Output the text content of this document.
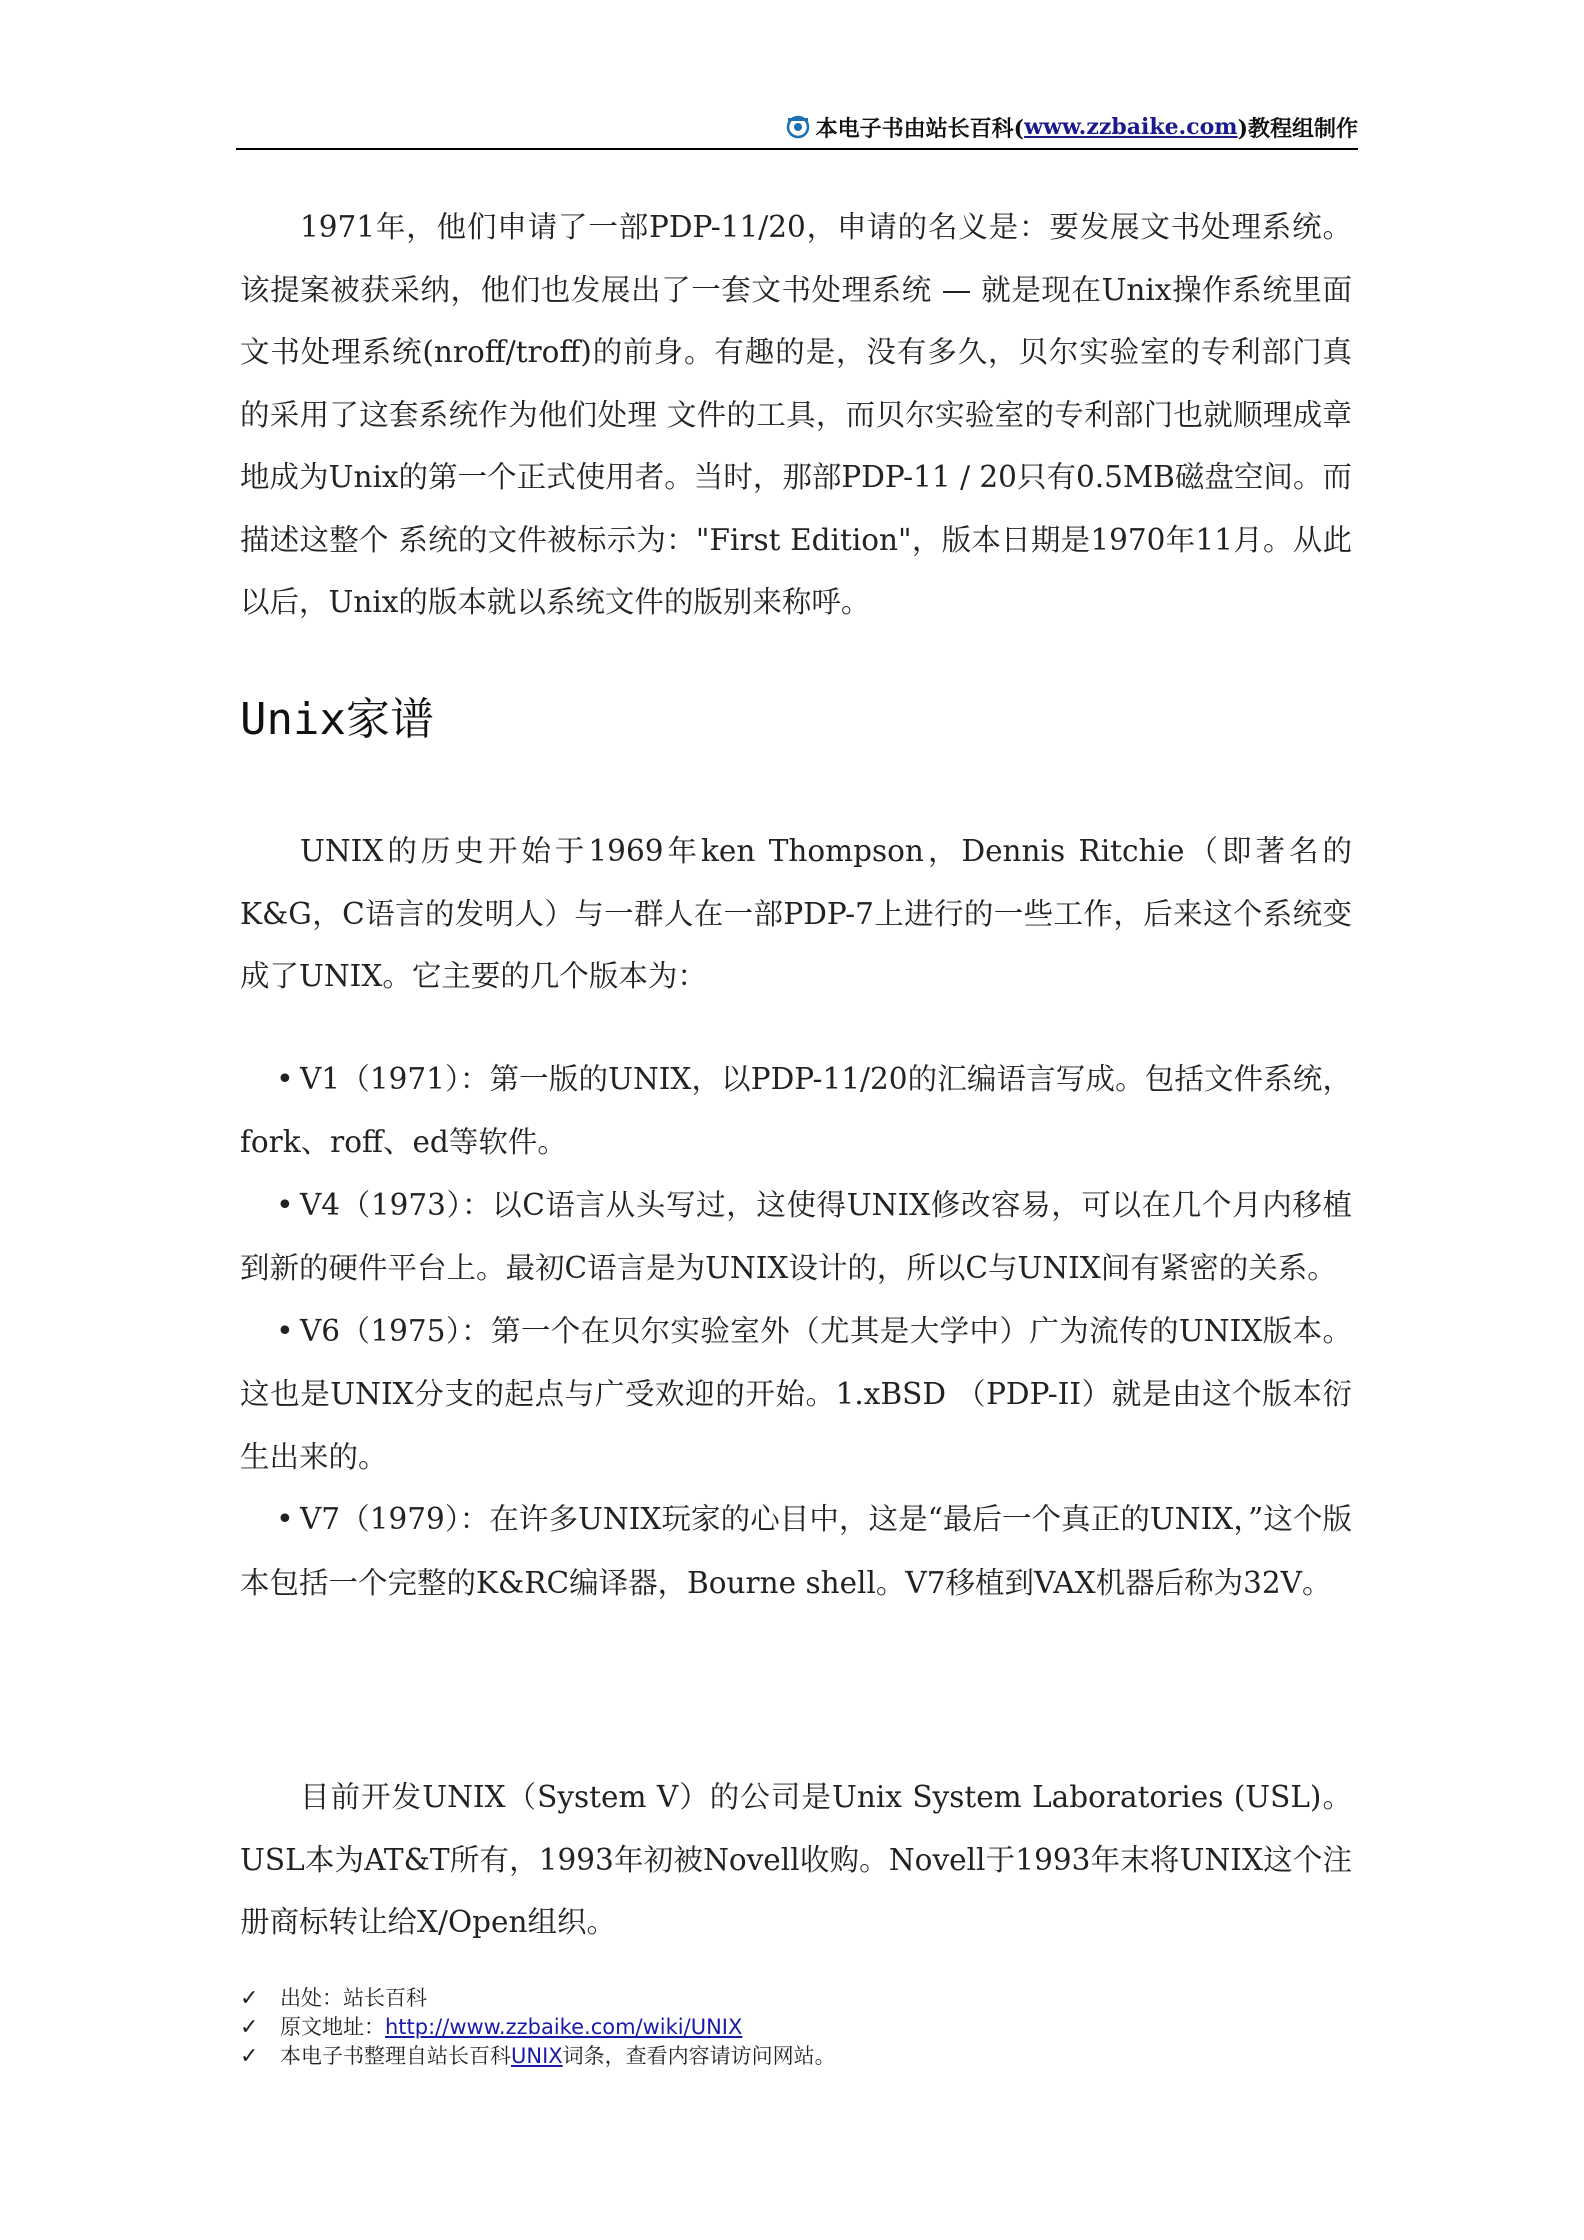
本电子书由站长百科( www.zzbaike.com )教程组制作

1971年，他们申请了一部PDP-11/20，申请的名义是：要发展文书处理系统。该提案被获采纳，他们也发展出了一套文书处理系统 — 就是现在Unix操作系统里面文书处理系统(nroff/troff)的前身。有趣的是，没有多久，贝尔实验室的专利部门真的采用了这套系统作为他们处理 文件的工具，而贝尔实验室的专利部门也就顺理成章地成为Unix的第一个正式使用者。当时，那部PDP-11 / 20只有0.5MB磁盘空间。而描述这整个 系统的文件被标示为："First Edition"，版本日期是1970年11月。从此以后，Unix的版本就以系统文件的版别来称呼。

Unix家谱

UNIX的历史开始于1969年ken Thompson，Dennis Ritchie（即著名的K&G，C语言的发明人）与一群人在一部PDP-7上进行的一些工作，后来这个系统变成了UNIX。它主要的几个版本为：

• V1（1971）：第一版的UNIX，以PDP-11/20的汇编语言写成。包括文件系统，fork、roff、ed等软件。
• V4（1973）：以C语言从头写过，这使得UNIX修改容易，可以在几个月内移植到新的硬件平台上。最初C语言是为UNIX设计的，所以C与UNIX间有紧密的关系。
• V6（1975）：第一个在贝尔实验室外（尤其是大学中）广为流传的UNIX版本。这也是UNIX分支的起点与广受欢迎的开始。1.xBSD （PDP-II）就是由这个版本衍生出来的。
• V7（1979）：在许多UNIX玩家的心目中，这是“最后一个真正的UNIX，”这个版本包括一个完整的K&RC编译器，Bourne shell。V7移植到VAX机器后称为32V。

目前开发UNIX（System V）的公司是Unix System Laboratories (USL)。USL本为AT&T所有，1993年初被Novell收购。Novell于1993年末将UNIX这个注册商标转让给X/Open组织。

✓	出处：站长百科
✓	原文地址： http://www.zzbaike.com/wiki/UNIX
✓	本电子书整理自站长百科 UNIX 词条，查看内容请访问网站。
